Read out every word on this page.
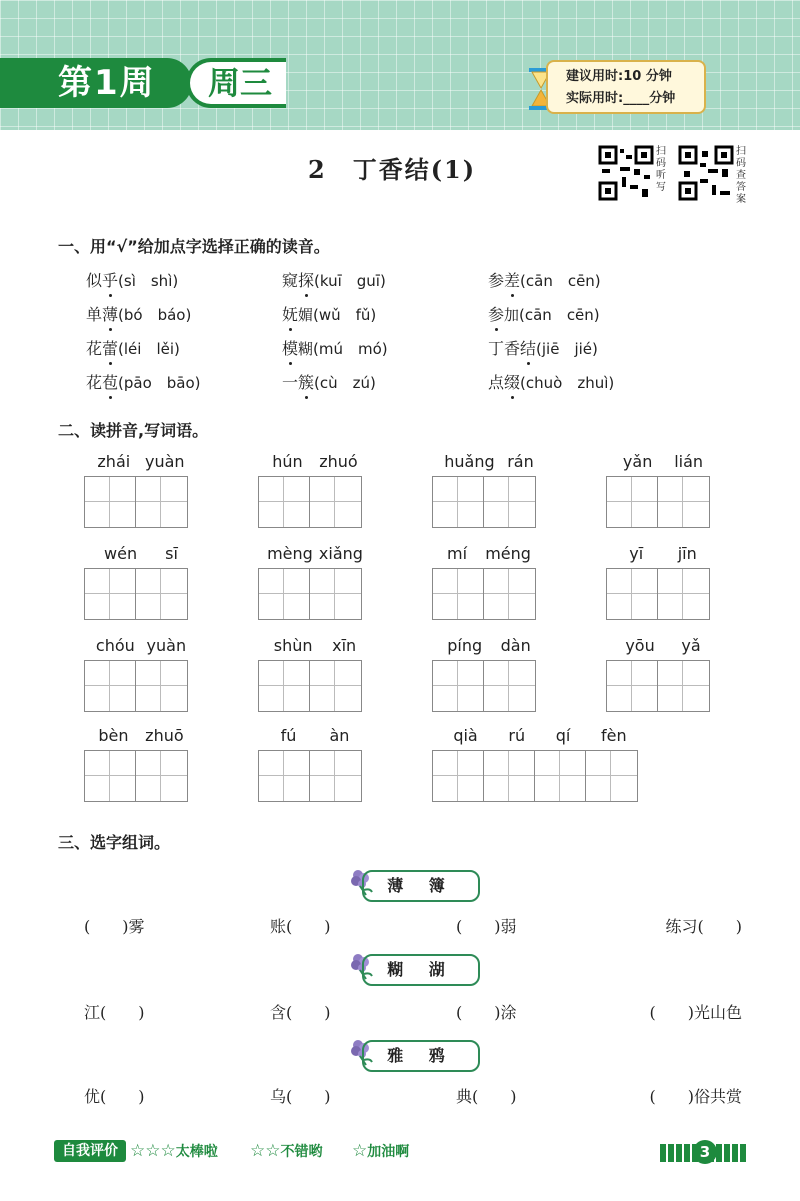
第1周	周三	建议用时:10 分钟
实际用时:____分钟
2　丁香结(1)
扫码听写
扫码查答案
一、用“√”给加点字选择正确的读音。
似乎(sì　shì)	窥探(kuī　guī)	参差(cān　cēn)
单薄(bó　báo)	妩媚(wǔ　fǔ)	参加(cān　cēn)
花蕾(léi　lěi)	模糊(mú　mó)	丁香结(jiē　jié)
花苞(pāo　bāo)	一簇(cù　zú)	点缀(chuò　zhuì)
二、读拼音,写词语。
zhái yuàn	hún zhuó	huǎng rán	yǎn lián
wén sī	mèng xiǎng	mí méng	yī jīn
chóu yuàn	shùn xīn	píng dàn	yōu yǎ
bèn zhuō	fú àn	qià rú qí fèn
三、选字组词。
薄 簿
(　　)雾	账(　　)	(　　)弱	练习(　　)
糊 湖
江(　　)	含(　　)	(　　)涂	(　　)光山色
雅 鸦
优(　　)	乌(　　)	典(　　)	(　　)俗共赏
自我评价 ☆☆☆太棒啦 ☆☆不错哟 ☆加油啊	3
